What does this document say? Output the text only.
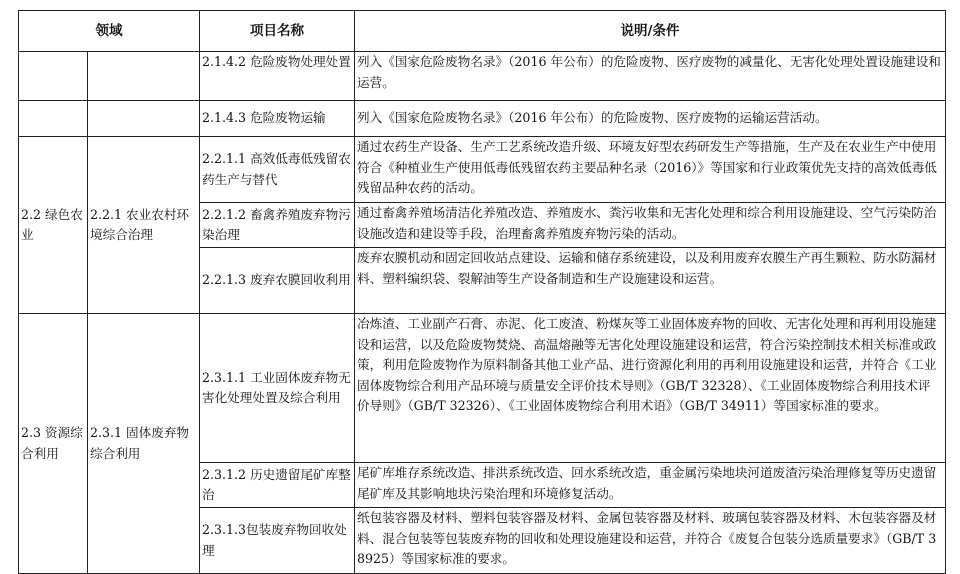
领域		项目名称	说明/条件
		2.1.4.2 危险废物处理处置	列入《国家危险废物名录》（2016 年公布）的危险废物、医疗废物的减量化、无害化处理处置设施建设和运营。
		2.1.4.3 危险废物运输	列入《国家危险废物名录》（2016 年公布）的危险废物、医疗废物的运输运营活动。
2.2 绿色农业	2.2.1 农业农村环境综合治理	2.2.1.1 高效低毒低残留农药生产与替代	通过农药生产设备、生产工艺系统改造升级、环境友好型农药研发生产等措施，生产及在农业生产中使用符合《种植业生产使用低毒低残留农药主要品种名录（2016）》等国家和行业政策优先支持的高效低毒低残留品种农药的活动。
		2.2.1.2 畜禽养殖废弃物污染治理	通过畜禽养殖场清洁化养殖改造、养殖废水、粪污收集和无害化处理和综合利用设施建设、空气污染防治设施改造和建设等手段，治理畜禽养殖废弃物污染的活动。
		2.2.1.3 废弃农膜回收利用	废弃农膜机动和固定回收站点建设、运输和储存系统建设，以及利用废弃农膜生产再生颗粒、防水防漏材料、塑料编织袋、裂解油等生产设备制造和生产设施建设和运营。
2.3 资源综合利用	2.3.1 固体废弃物综合利用	2.3.1.1 工业固体废弃物无害化处理处置及综合利用	冶炼渣、工业副产石膏、赤泥、化工废渣、粉煤灰等工业固体废弃物的回收、无害化处理和再利用设施建设和运营，以及危险废物焚烧、高温熔融等无害化处理设施建设和运营，符合污染控制技术相关标准或政策，利用危险废物作为原料制备其他工业产品、进行资源化利用的再利用设施建设和运营，并符合《工业固体废物综合利用产品环境与质量安全评价技术导则》（GB/T 32328）、《工业固体废物综合利用技术评价导则》（GB/T 32326）、《工业固体废物综合利用术语》（GB/T 34911）等国家标准的要求。
		2.3.1.2 历史遗留尾矿库整治	尾矿库堆存系统改造、排洪系统改造、回水系统改造，重金属污染地块河道废渣污染治理修复等历史遗留尾矿库及其影响地块污染治理和环境修复活动。
		2.3.1.3包装废弃物回收处理	纸包装容器及材料、塑料包装容器及材料、金属包装容器及材料、玻璃包装容器及材料、木包装容器及材料、混合包装等包装废弃物的回收和处理设施建设和运营，并符合《废复合包装分选质量要求》（GB/T 38925）等国家标准的要求。
